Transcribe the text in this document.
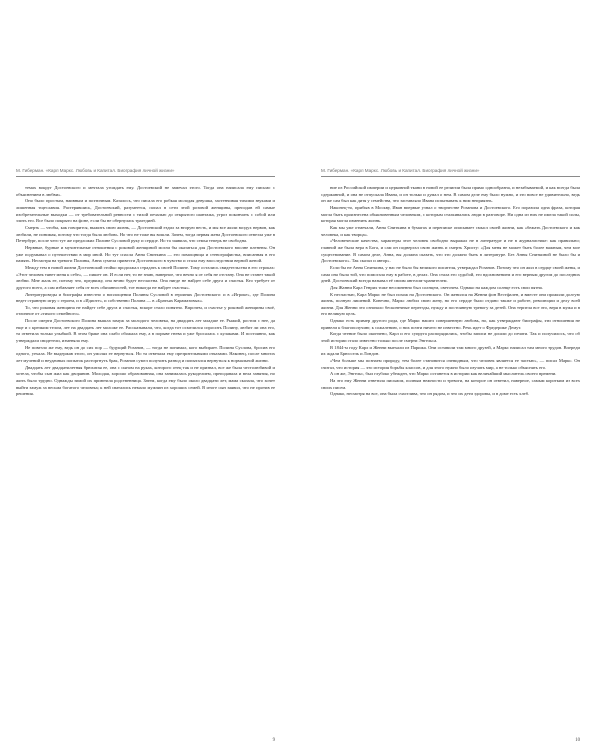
М. Гиберман. «Карл Маркс. Любовь и Капитал. Биография личной жизни»

темах вокруг Достоевского и мечтала угождать ему. Достоевский не замечал этого. Тогда она написала ему письмо с объяснением в любви».

Оно было простым, наивным и поэтичным. Казалось, что писала его робкая молодая девушка, застенчивая тихими звуками и лишенная тщеславия. Растерявшись, Достоевский, разумеется, попал в сети этой розовой женщины, преподав ей самые изобретательные выходки — от требовательной ревности с тихой печалью до открытого шантажа, угроз покончить с собой или злить его. Все было покрыто на фоне, если бы не обернулась трагедией.

Смерть — чтобы, как говорится, выжить свою жизнь, — Достоевский ездил за вторую весть, и мы все жили воздух нервов, как любили, не понимая, потому что тогда была любовь. Но что не тоже вы вошли. Зачем, тогда первая жена Достоевского отвезла уже в Петербург, после чего тут же предложил Полине Сусловой руку и сердце. Но та заявила, что семья теперь не свободна.

Нервные, бурные и мучительные отношения с роковой женщиной могли бы оказаться для Достоевского вполне пленены. Он уже подумывал о путешествии в мир иной. Но тут спасла Анна Сниткина — его помощница и стенографистка, вписанная в его память. Несмотря на тревоги Полины, Анна сумела привести Достоевского в чувство и стала ему впоследствии верной женой.

Между тем в новой жизни Достоевский стойко продолжал страдать к своей Полине. Тому остались свидетельства в его строках: «Этот человек тянет меня к себе», — пишет он. И если нет, то не знаю, наверное, что вечно я от себя не отстану. Она не станет такой любви. Мне жаль ее, потому что, предвижу, она вечно будет несчастна. Она нигде не найдет себе друга и счастья. Кто требует от другого всего, а сам избавляет себя от всех обязанностей, тот никогда не найдет счастья».

Литературоведы и биографы известно о воплощении Полины Сусловой в героинях Достоевского: и в «Игроке», где Полина ведет странную игру с героем, и в «Идиоте», и собственно Полина — в «Братьях Карамазовых».

То, что роковая женщина не найдет себе друга и счастья, вскоре стало понятно. Впрочем, и счастье у роковой женщины своё, отличное от «тихого семейного».

После смерти Достоевского Полина вышла замуж за молодого человека, на двадцать лет младше ее. Рыжий, ростом с нее, да еще и с крепким телом, лет на двадцать лет моложе ее. Рассказывали, что, когда тот осмелился спросить Полину, любит ли она его, та ответила только улыбкой. В этом браке она слабо обожала ему, а в порыве гнева и уже бросалась с кулаками. И постоянно, как утверждали свидетели, изменяла ему.

Не повезло же ему, ведь он до сих пор — будущий Розанов, — тогда не понимал, кого выбирает. Полина Суслова, бросив его одного, уехала. Не выдержав этого, он умолял ее вернуться. Но та отвечала ему презрительными отказами. Наконец, после многих лет мучений и неудачных попыток расторгнуть брак, Розанов сумел получить развод и попытался вернуться к нормальной жизни.

Двадцать лет двадцатилетняя брюхатая ее, она с сыном на руках, которого отец так и не признал, все же была честолюбивой и хотела, чтобы сын жил как дворянин. Молодая, хорошо образованная, она занималась рукоделием, преподавала и вела занятия, но жить было трудно. Однажды зимой их приютила родственница. Затем, когда ему было около двадцати лет, мама сказала, что хочет выйти замуж за весьма богатого человека; к ней сватались немало мужчин из хороших семей. В итоге сын заявил, что не против ее решения.

9
М. Гиберман. «Карл Маркс. Любовь и Капитал. Биография личной жизни»

ние из Российской империи и церковной ткани в новой ее религии была прямо однообразна, и незабываемой, и как всегда была сдержанной, и она не отпускала Ивана, и он только и думал о нем. В самом деле ему было нужно, и это вовсе не удивительно, ведь он же сам был как дитя у семейства, что заставляло Ивана испытывать к ним неприязнь.

Наконец-то, прибыв в Москву, Иван впервые узнал о творчестве Розанова и Достоевского. Его поразила одна фраза, которая могла быть произнесена обыкновенным человеком, с которым сталкивались люди в разговоре. Ни одна из них не имела такой силы, которая могла изменить жизнь.

Как мы уже отмечали, Анна Сниткина в бумагах и переписке описывает смысл своей жизни, как «бежать Достоевского и как человека, и как творца».

«Человеческие качества, характеры этот человек свободно выражал не в литературе и не в журналистике: как правильно; главной же была вера в Бога, и сам он подвергал свою жизнь и смерть Христу: «Для меня не может быть более важным, чем мое существование. В самом деле, Анна, вы должна сказать, что это должно быть в литературе. Без Анны Сниткиной не было бы и Достоевского». Так сказал и автор».

Если бы не Анна Сниткина, у нас не было бы великого писателя, утверждал Розанов. Потому что он жил в сердце своей жены, и сама она была той, что помогала ему в работе, в делах. Она стала его судьбой, его вдохновением и его верным другом до последних дней. Достоевский всегда называл её своим ангелом-хранителем.

Для Жанни Карл Генрих тоже несомненно был солнцем, светочем. Однако на каждом солнце есть свои пятна.

К несчастью, Карл Маркс не был похож на Достоевского. Он женился на Женни фон Вестфален, и вместе они прожили долгую жизнь, полную лишений. Конечно, Маркс любил свою жену, но его сердце было отдано также и работе, революции и делу всей жизни. Для Женни это означало бесконечные переезды, нужду и постоянную тревогу за детей. Она терпела все это, веря в мужа и в его великую цель.

Однако есть пример другого рода, где Маркс нашел совершенную любовь, но, как утверждают биографы, эти отношения не привели к благополучию; к сожалению, о них почти ничего не известно. Речь идет о Фредерике Демут.

Когда чтение было окончено, Карл и его супруга распорядились, чтобы записи не дошли до печати. Так и получилось, что об этой истории стало известно только после смерти Энгельса.

В 1844-м году Карл и Женни выехали из Парижа. Они оставили там много друзей, а Маркс написал там много трудов. Впереди их ждали Брюссель и Лондон.

«Чем больше мы познаем природу, тем более становится очевидным, что человек является ее частью», — писал Маркс. Он считал, что история — это история борьбы классов, и для этого нужно было изучать мир, а не только объяснять его.

А он же, Энгельс, был глубоко убежден, что Маркс останется в истории как величайший мыслитель своего времени.

На это ему Женни ответила письмом, полным нежности и тревоги, на которое он ответил, наверное, самым коротким из всех своих писем.

Однако, несмотря на все, она была счастлива, что он рядом, и что их дети здоровы, и в доме есть хлеб.

10
